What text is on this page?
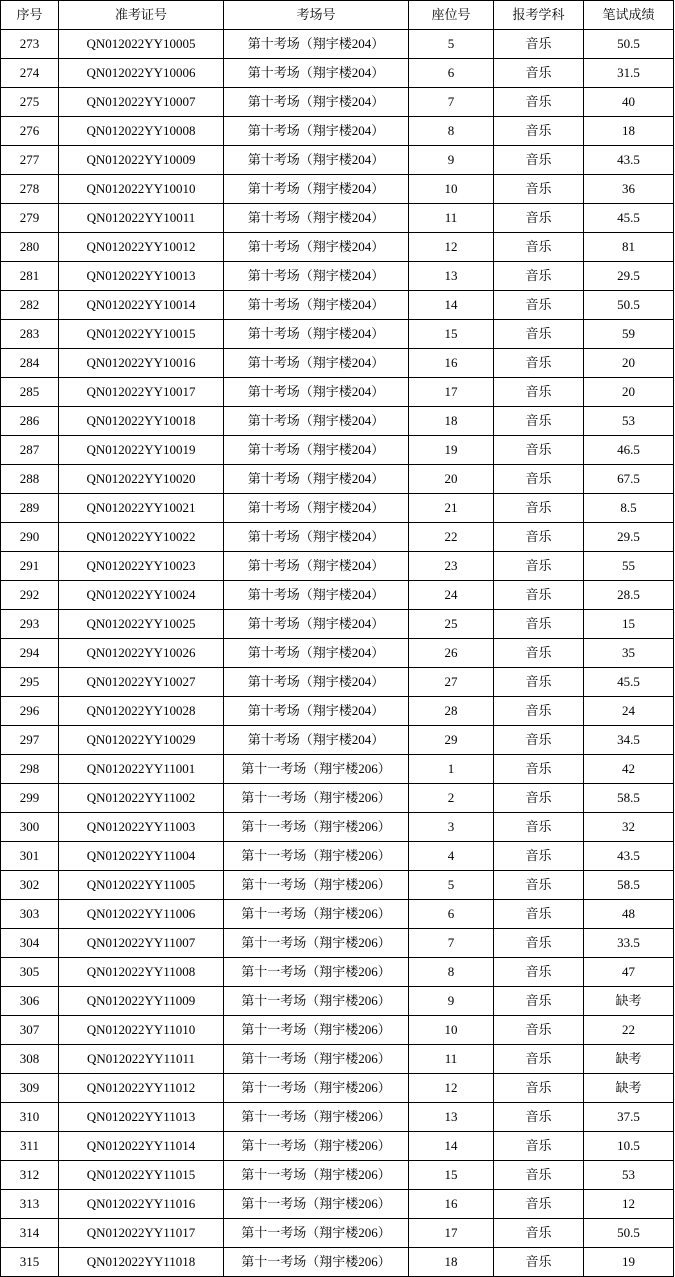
序号	准考证号	考场号	座位号	报考学科	笔试成绩
273	QN012022YY10005	第十考场（翔宇楼204）	5	音乐	50.5
274	QN012022YY10006	第十考场（翔宇楼204）	6	音乐	31.5
275	QN012022YY10007	第十考场（翔宇楼204）	7	音乐	40
276	QN012022YY10008	第十考场（翔宇楼204）	8	音乐	18
277	QN012022YY10009	第十考场（翔宇楼204）	9	音乐	43.5
278	QN012022YY10010	第十考场（翔宇楼204）	10	音乐	36
279	QN012022YY10011	第十考场（翔宇楼204）	11	音乐	45.5
280	QN012022YY10012	第十考场（翔宇楼204）	12	音乐	81
281	QN012022YY10013	第十考场（翔宇楼204）	13	音乐	29.5
282	QN012022YY10014	第十考场（翔宇楼204）	14	音乐	50.5
283	QN012022YY10015	第十考场（翔宇楼204）	15	音乐	59
284	QN012022YY10016	第十考场（翔宇楼204）	16	音乐	20
285	QN012022YY10017	第十考场（翔宇楼204）	17	音乐	20
286	QN012022YY10018	第十考场（翔宇楼204）	18	音乐	53
287	QN012022YY10019	第十考场（翔宇楼204）	19	音乐	46.5
288	QN012022YY10020	第十考场（翔宇楼204）	20	音乐	67.5
289	QN012022YY10021	第十考场（翔宇楼204）	21	音乐	8.5
290	QN012022YY10022	第十考场（翔宇楼204）	22	音乐	29.5
291	QN012022YY10023	第十考场（翔宇楼204）	23	音乐	55
292	QN012022YY10024	第十考场（翔宇楼204）	24	音乐	28.5
293	QN012022YY10025	第十考场（翔宇楼204）	25	音乐	15
294	QN012022YY10026	第十考场（翔宇楼204）	26	音乐	35
295	QN012022YY10027	第十考场（翔宇楼204）	27	音乐	45.5
296	QN012022YY10028	第十考场（翔宇楼204）	28	音乐	24
297	QN012022YY10029	第十考场（翔宇楼204）	29	音乐	34.5
298	QN012022YY11001	第十一考场（翔宇楼206）	1	音乐	42
299	QN012022YY11002	第十一考场（翔宇楼206）	2	音乐	58.5
300	QN012022YY11003	第十一考场（翔宇楼206）	3	音乐	32
301	QN012022YY11004	第十一考场（翔宇楼206）	4	音乐	43.5
302	QN012022YY11005	第十一考场（翔宇楼206）	5	音乐	58.5
303	QN012022YY11006	第十一考场（翔宇楼206）	6	音乐	48
304	QN012022YY11007	第十一考场（翔宇楼206）	7	音乐	33.5
305	QN012022YY11008	第十一考场（翔宇楼206）	8	音乐	47
306	QN012022YY11009	第十一考场（翔宇楼206）	9	音乐	缺考
307	QN012022YY11010	第十一考场（翔宇楼206）	10	音乐	22
308	QN012022YY11011	第十一考场（翔宇楼206）	11	音乐	缺考
309	QN012022YY11012	第十一考场（翔宇楼206）	12	音乐	缺考
310	QN012022YY11013	第十一考场（翔宇楼206）	13	音乐	37.5
311	QN012022YY11014	第十一考场（翔宇楼206）	14	音乐	10.5
312	QN012022YY11015	第十一考场（翔宇楼206）	15	音乐	53
313	QN012022YY11016	第十一考场（翔宇楼206）	16	音乐	12
314	QN012022YY11017	第十一考场（翔宇楼206）	17	音乐	50.5
315	QN012022YY11018	第十一考场（翔宇楼206）	18	音乐	19
